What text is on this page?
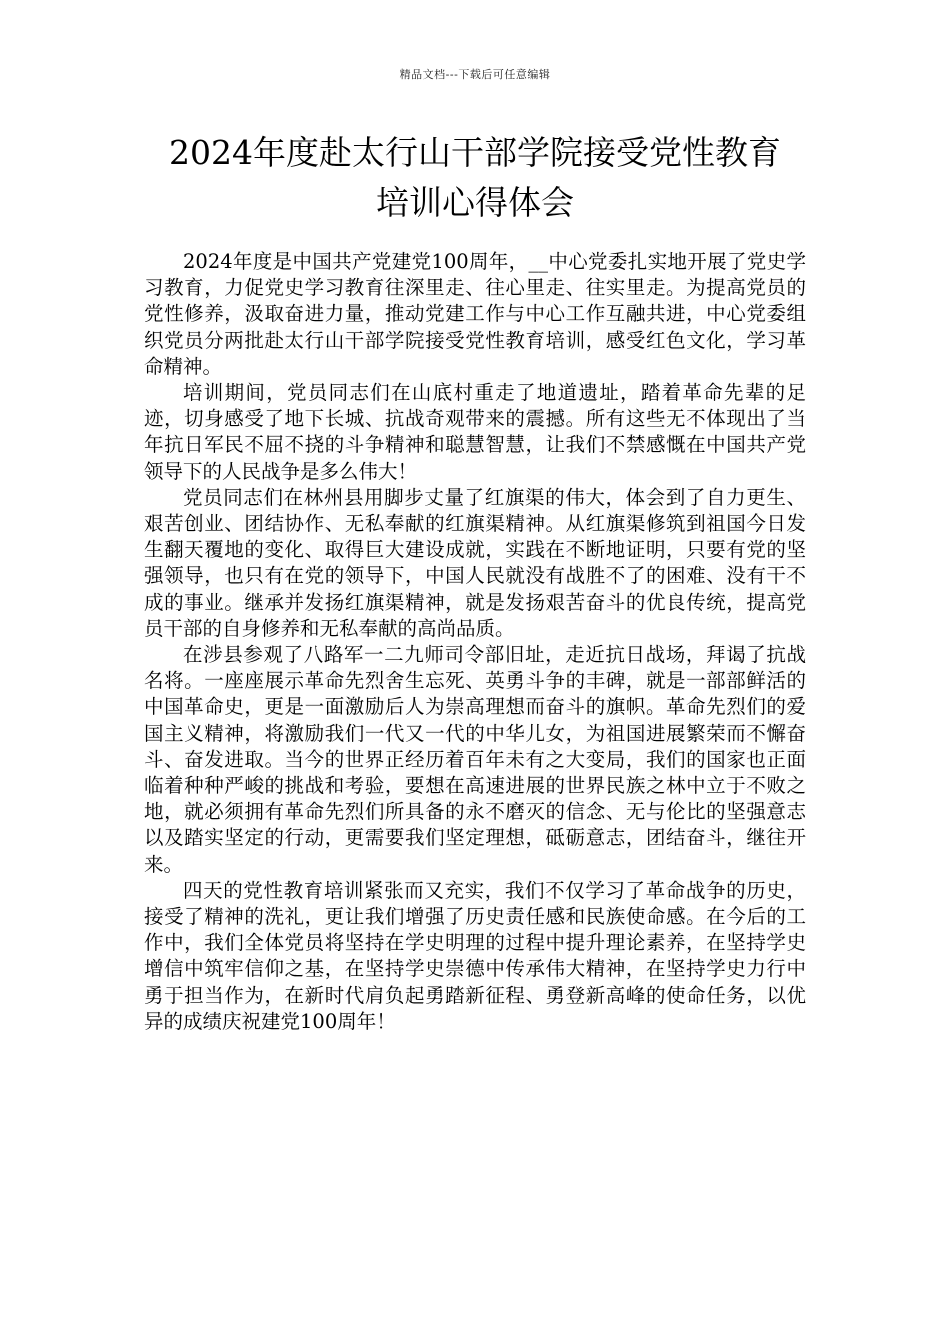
精品文档---下载后可任意编辑
2024年度赴太行山干部学院接受党性教育
培训心得体会

2024年度是中国共产党建党100周年，__中心党委扎实地开展了党史学习教育，力促党史学习教育往深里走、往心里走、往实里走。为提高党员的党性修养，汲取奋进力量，推动党建工作与中心工作互融共进，中心党委组织党员分两批赴太行山干部学院接受党性教育培训，感受红色文化，学习革命精神。

培训期间，党员同志们在山底村重走了地道遗址，踏着革命先辈的足迹，切身感受了地下长城、抗战奇观带来的震撼。所有这些无不体现出了当年抗日军民不屈不挠的斗争精神和聪慧智慧，让我们不禁感慨在中国共产党领导下的人民战争是多么伟大！

党员同志们在林州县用脚步丈量了红旗渠的伟大，体会到了自力更生、艰苦创业、团结协作、无私奉献的红旗渠精神。从红旗渠修筑到祖国今日发生翻天覆地的变化、取得巨大建设成就，实践在不断地证明，只要有党的坚强领导，也只有在党的领导下，中国人民就没有战胜不了的困难、没有干不成的事业。继承并发扬红旗渠精神，就是发扬艰苦奋斗的优良传统，提高党员干部的自身修养和无私奉献的高尚品质。

在涉县参观了八路军一二九师司令部旧址，走近抗日战场，拜谒了抗战名将。一座座展示革命先烈舍生忘死、英勇斗争的丰碑，就是一部部鲜活的中国革命史，更是一面激励后人为崇高理想而奋斗的旗帜。革命先烈们的爱国主义精神，将激励我们一代又一代的中华儿女，为祖国进展繁荣而不懈奋斗、奋发进取。当今的世界正经历着百年未有之大变局，我们的国家也正面临着种种严峻的挑战和考验，要想在高速进展的世界民族之林中立于不败之地，就必须拥有革命先烈们所具备的永不磨灭的信念、无与伦比的坚强意志以及踏实坚定的行动，更需要我们坚定理想，砥砺意志，团结奋斗，继往开来。

四天的党性教育培训紧张而又充实，我们不仅学习了革命战争的历史，接受了精神的洗礼，更让我们增强了历史责任感和民族使命感。在今后的工作中，我们全体党员将坚持在学史明理的过程中提升理论素养，在坚持学史增信中筑牢信仰之基，在坚持学史崇德中传承伟大精神，在坚持学史力行中勇于担当作为，在新时代肩负起勇踏新征程、勇登新高峰的使命任务，以优异的成绩庆祝建党100周年！
